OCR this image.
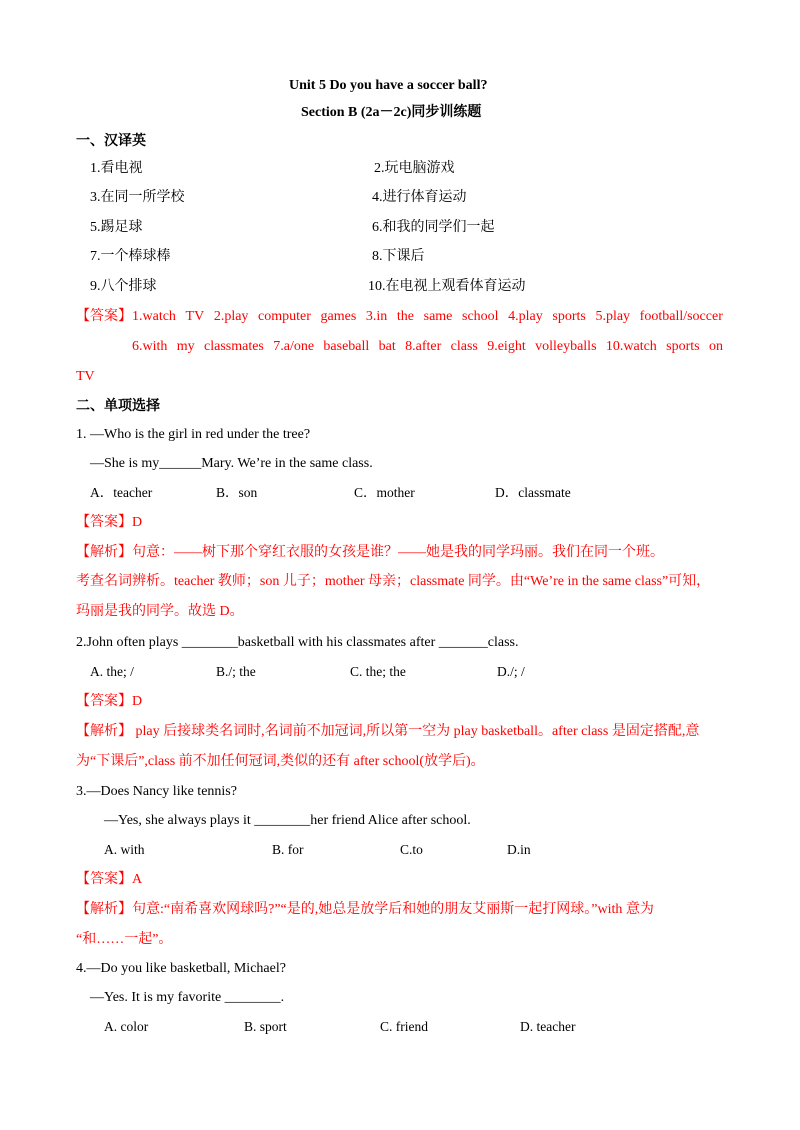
Unit 5 Do you have a soccer ball?
Section B (2a－2c)同步训练题
一、汉译英
1.看电视	2.玩电脑游戏
3.在同一所学校	4.进行体育运动
5.踢足球	6.和我的同学们一起
7.一个棒球棒	8.下课后
9.八个排球	10.在电视上观看体育运动
【答案】 1.watch TV 2.play computer games 3.in the same school 4.play sports 5.play football/soccer
6.with my classmates 7.a/one baseball bat 8.after class 9.eight volleyballs 10.watch sports on
TV
二、单项选择
1. —Who is the girl in red under the tree?
—She is my______Mary. We’re in the same class.
A．teacher	B．son	C．mother	D．classmate
【答案】D
【解析】句意：——树下那个穿红衣服的女孩是谁？——她是我的同学玛丽。我们在同一个班。
考查名词辨析。teacher 教师；son 儿子；mother 母亲；classmate 同学。由“We’re in the same class”可知，
玛丽是我的同学。故选 D。
2.John often plays ________basketball with his classmates after _______class.
A. the; /	B./; the	C. the; the	D./; /
【答案】D
【解析】 play 后接球类名词时,名词前不加冠词,所以第一空为 play basketball。after class 是固定搭配,意
为“下课后”,class 前不加任何冠词,类似的还有 after school(放学后)。
3.—Does Nancy like tennis?
—Yes, she always plays it ________her friend Alice after school.
A. with	B. for	C.to	D.in
【答案】A
【解析】句意:“南希喜欢网球吗?”“是的,她总是放学后和她的朋友艾丽斯一起打网球。”with 意为
“和……一起”。
4.—Do you like basketball, Michael?
—Yes. It is my favorite ________.
A. color	B. sport	C. friend	D. teacher
